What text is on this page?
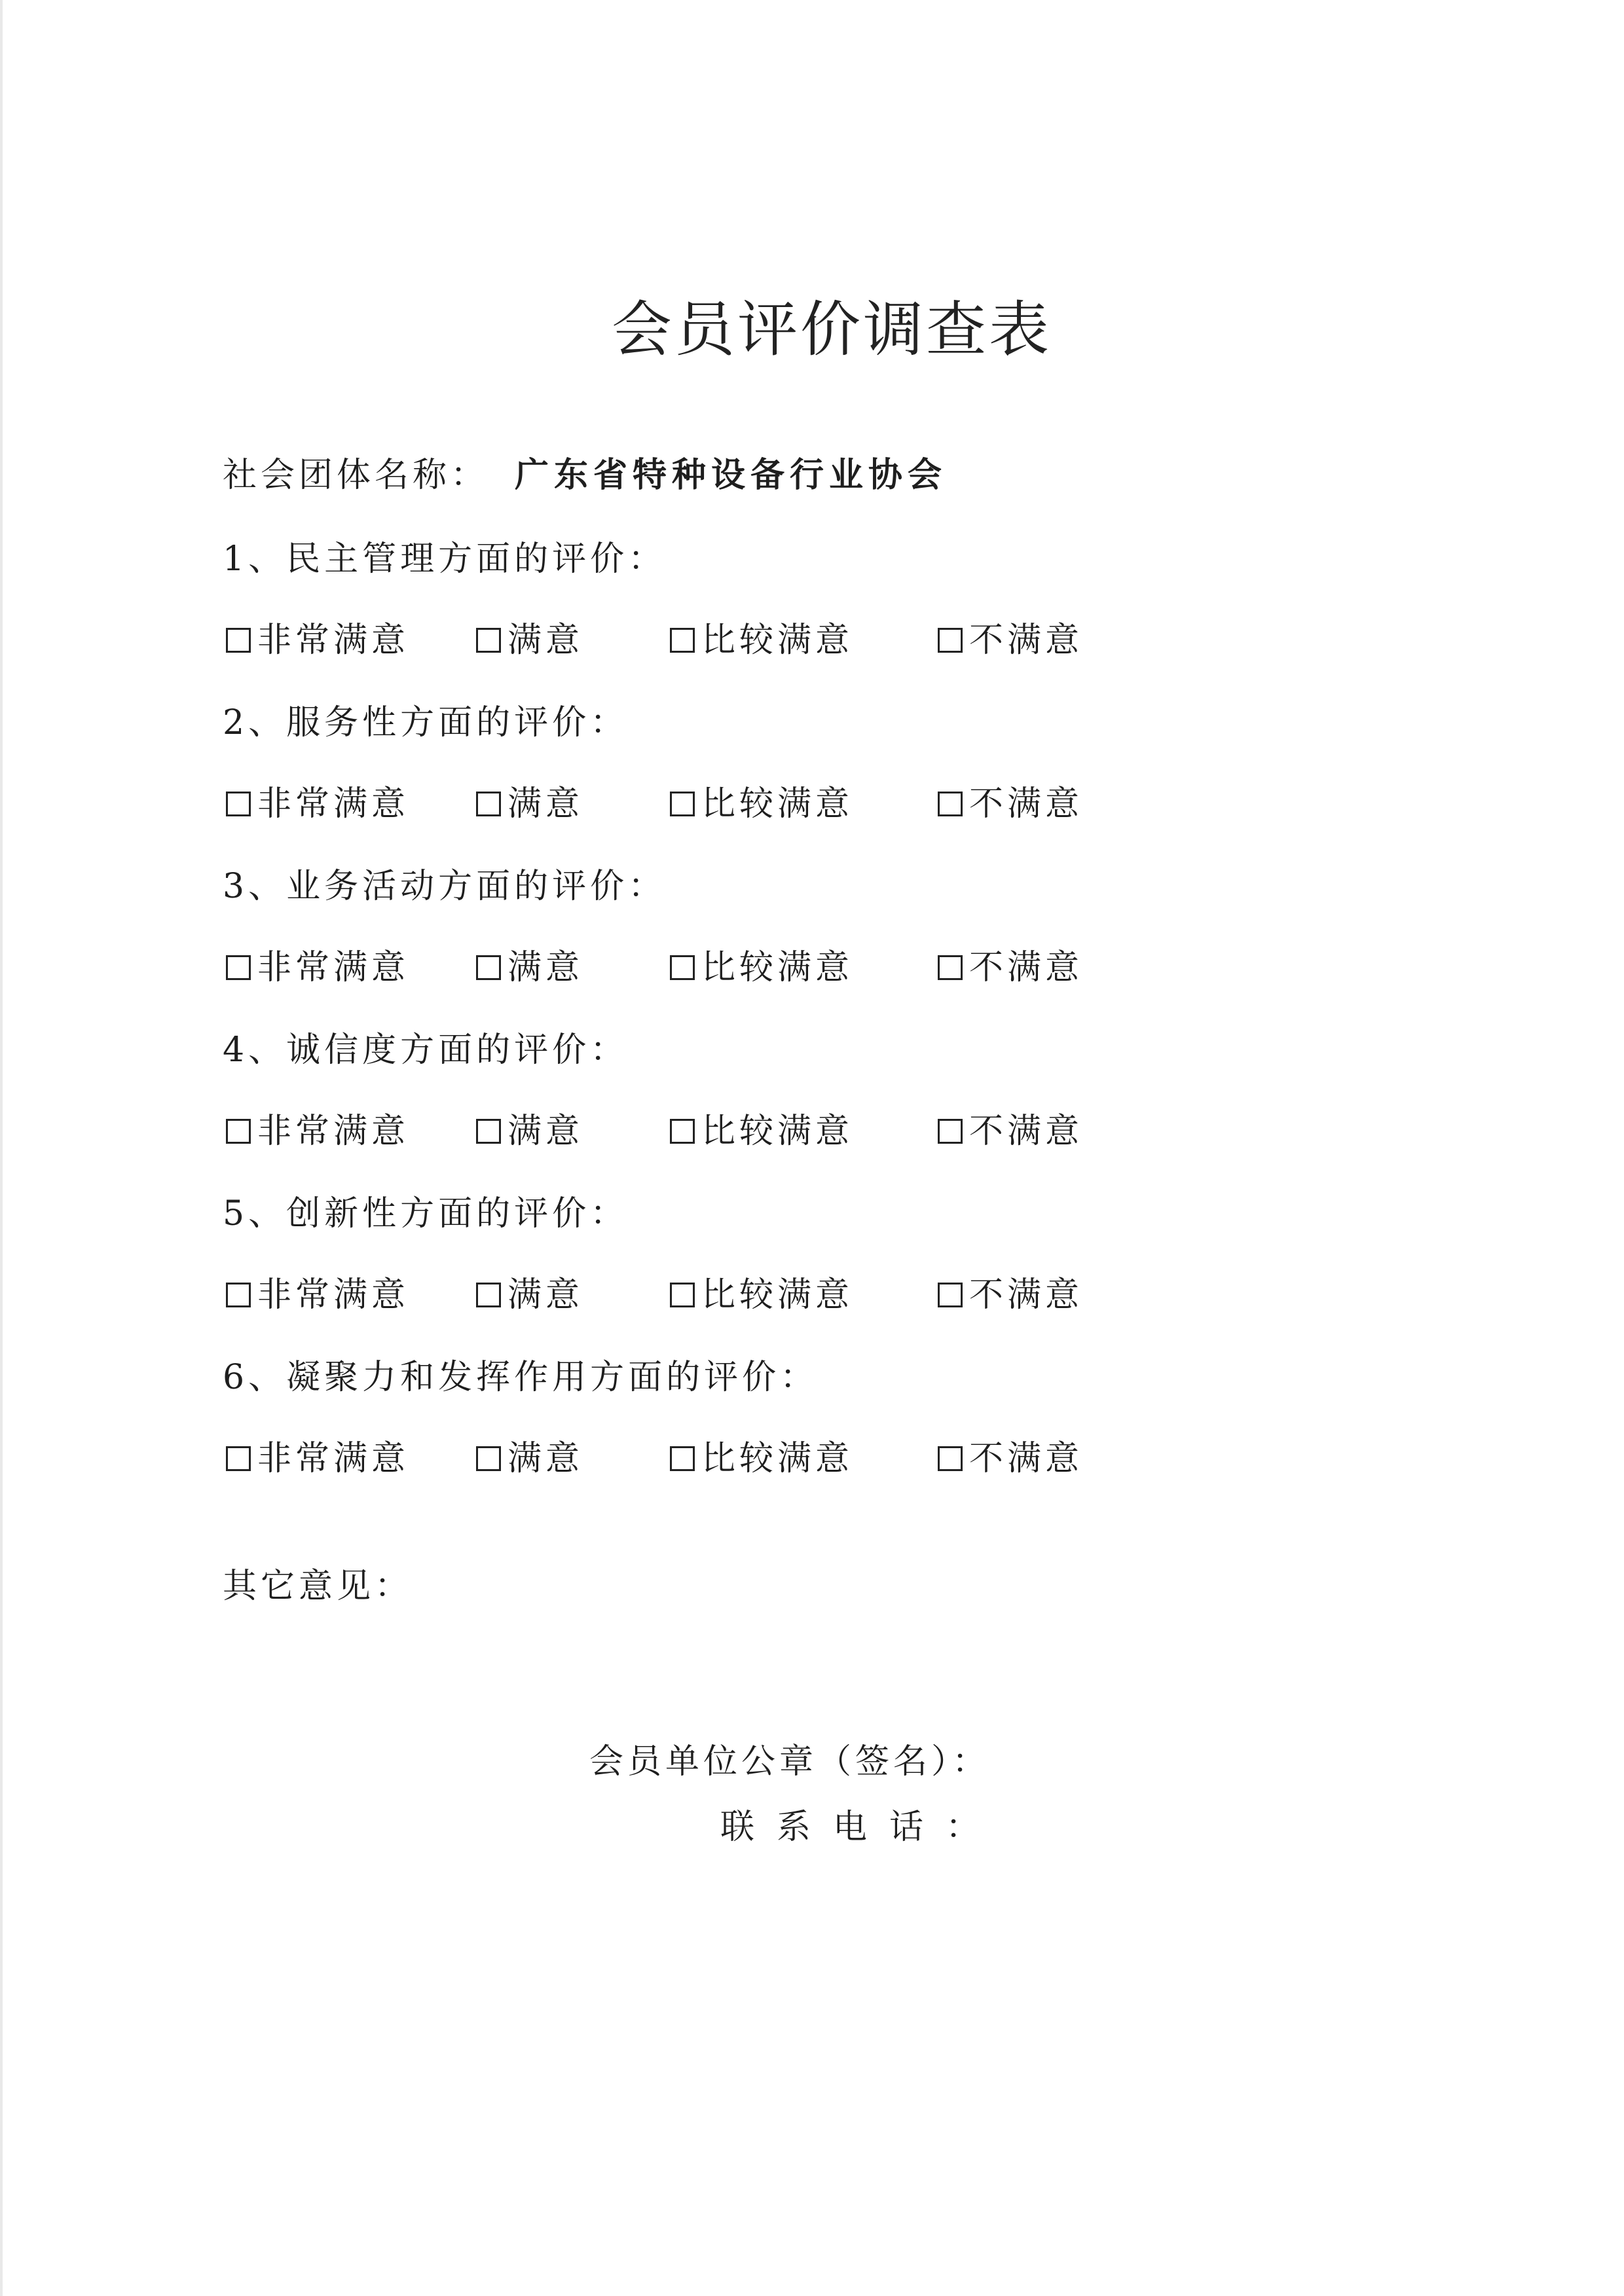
会员评价调查表
社会团体名称： 广东省特种设备行业协会
1、民主管理方面的评价：
非常满意	满意	比较满意	不满意
2、服务性方面的评价：
非常满意	满意	比较满意	不满意
3、业务活动方面的评价：
非常满意	满意	比较满意	不满意
4、诚信度方面的评价：
非常满意	满意	比较满意	不满意
5、创新性方面的评价：
非常满意	满意	比较满意	不满意
6、凝聚力和发挥作用方面的评价：
非常满意	满意	比较满意	不满意
其它意见：
会员单位公章（签名）：
联系电话：
